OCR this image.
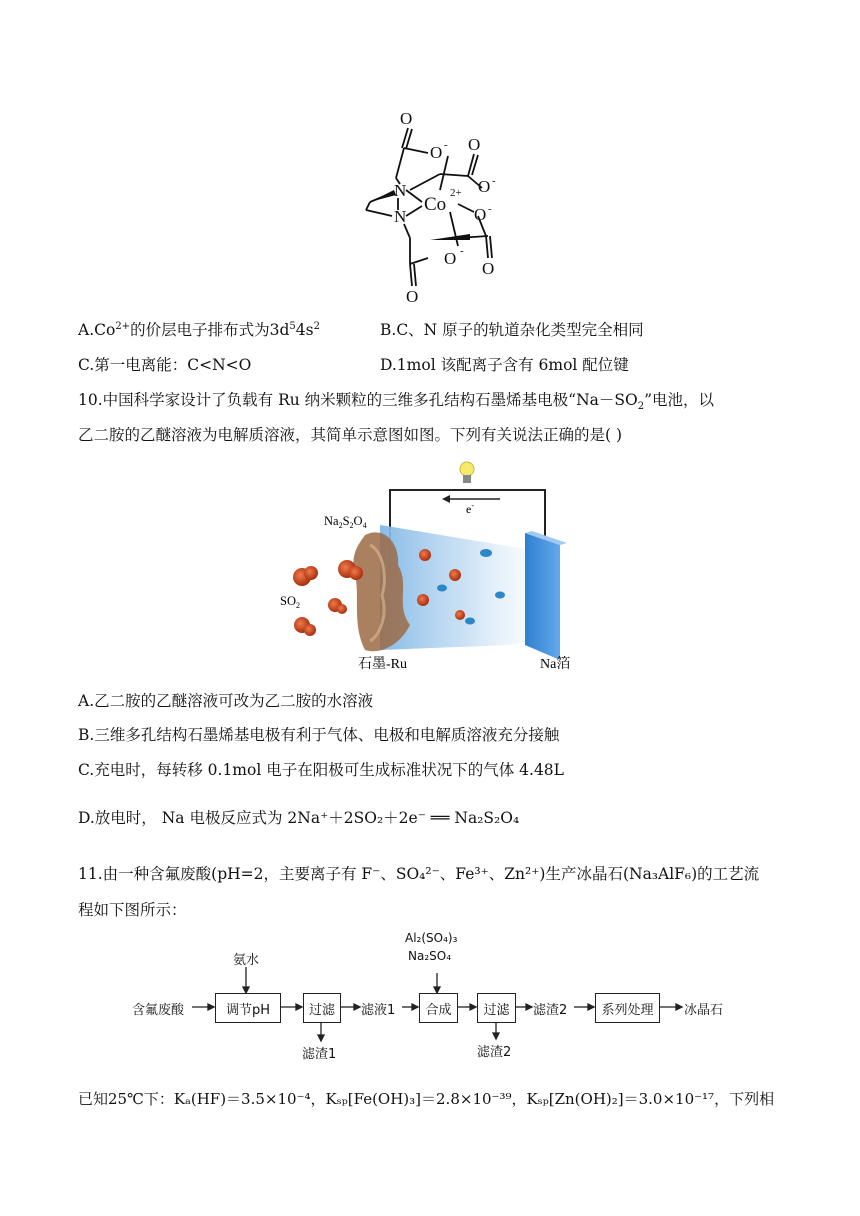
O
O - O
O -
N
Co
2+
O -
N
O -
O
O
$A.Co^{2+}$的价层电子排布式为$3d^54s^2$	B.C、N 原子的轨道杂化类型完全相同
C.第一电离能：C<N<O	D.1mol 该配离子含有 6mol 配位键
10.中国科学家设计了负载有 Ru 纳米颗粒的三维多孔结构石墨烯基电极“$Na-SO_2$”电池，以
乙二胺的乙醚溶液为电解质溶液，其简单示意图如图。下列有关说法正确的是( )
e-
$Na_2S_2O_4$
$SO_2$
石墨-Ru	Na箔
A.乙二胺的乙醚溶液可改为乙二胺的水溶液
B.三维多孔结构石墨烯基电极有利于气体、电极和电解质溶液充分接触
C.充电时，每转移 0.1mol 电子在阳极可生成标准状况下的气体 4.48L
D.放电时， Na 电极反应式为 2Na⁺＋2SO₂＋2e⁻ ══ Na₂S₂O₄
11.由一种含氟废酸(pH=2，主要离子有 F⁻、SO₄²⁻、Fe³⁺、Zn²⁺)生产冰晶石(Na₃AlF₆)的工艺流
程如下图所示：
含氟废酸
氨水
调节pH	过滤
滤渣1
滤液1
Al₂(SO₄)₃
Na₂SO₄
合成	过滤
滤渣2
滤渣2	系列处理	冰晶石
已知25℃下：Kₐ(HF)＝3.5×10⁻⁴，Kₛₚ[Fe(OH)₃]＝2.8×10⁻³⁹，Kₛₚ[Zn(OH)₂]＝3.0×10⁻¹⁷，下列相
